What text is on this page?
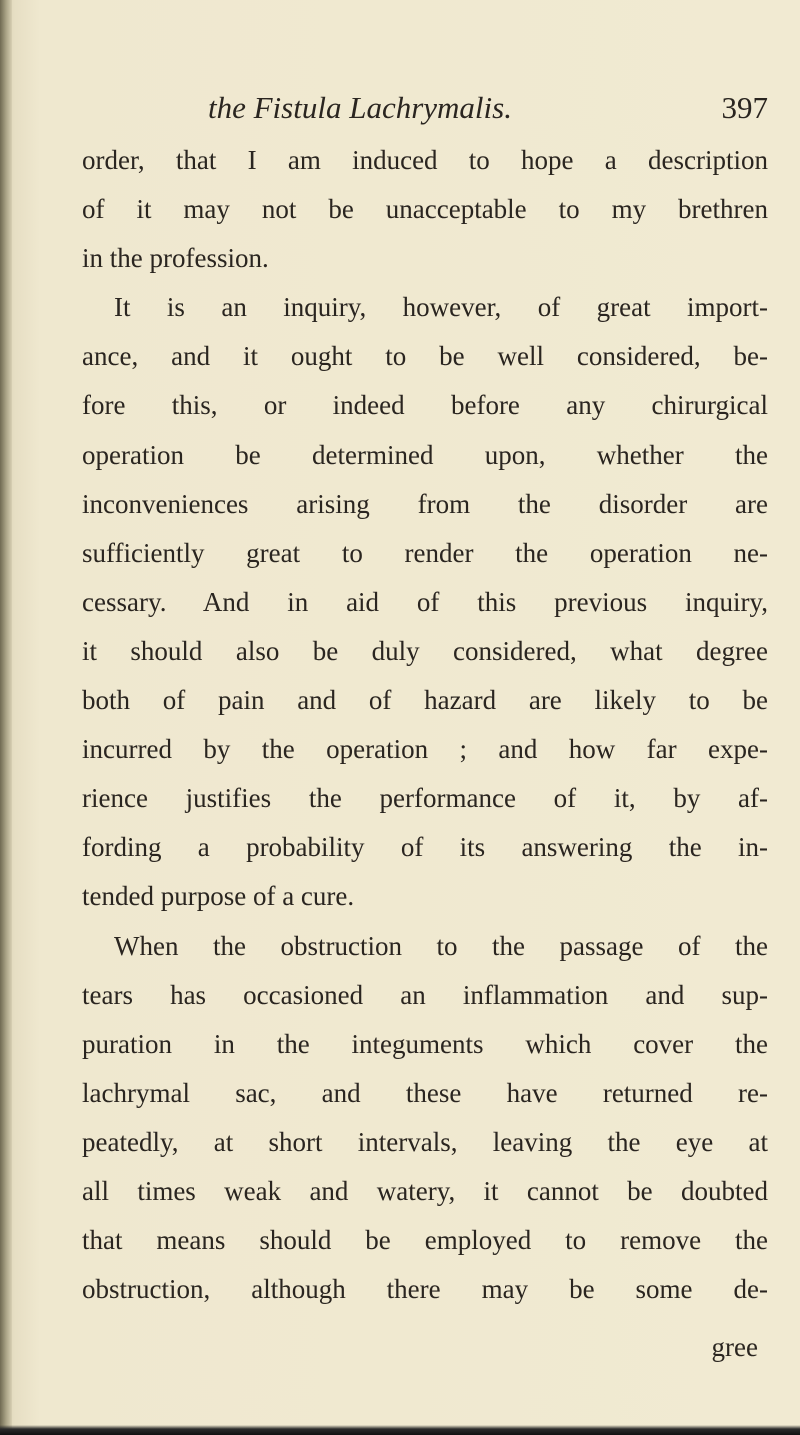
the Fistula Lachrymalis.	397
order, that I am induced to hope a description
of it may not be unacceptable to my brethren
in the profession.
It is an inquiry, however, of great import-
ance, and it ought to be well considered, be-
fore this, or indeed before any chirurgical
operation be determined upon, whether the
inconveniences arising from the disorder are
sufficiently great to render the operation ne-
cessary. And in aid of this previous inquiry,
it should also be duly considered, what degree
both of pain and of hazard are likely to be
incurred by the operation ; and how far expe-
rience justifies the performance of it, by af-
fording a probability of its answering the in-
tended purpose of a cure.
When the obstruction to the passage of the
tears has occasioned an inflammation and sup-
puration in the integuments which cover the
lachrymal sac, and these have returned re-
peatedly, at short intervals, leaving the eye at
all times weak and watery, it cannot be doubted
that means should be employed to remove the
obstruction, although there may be some de-
gree
